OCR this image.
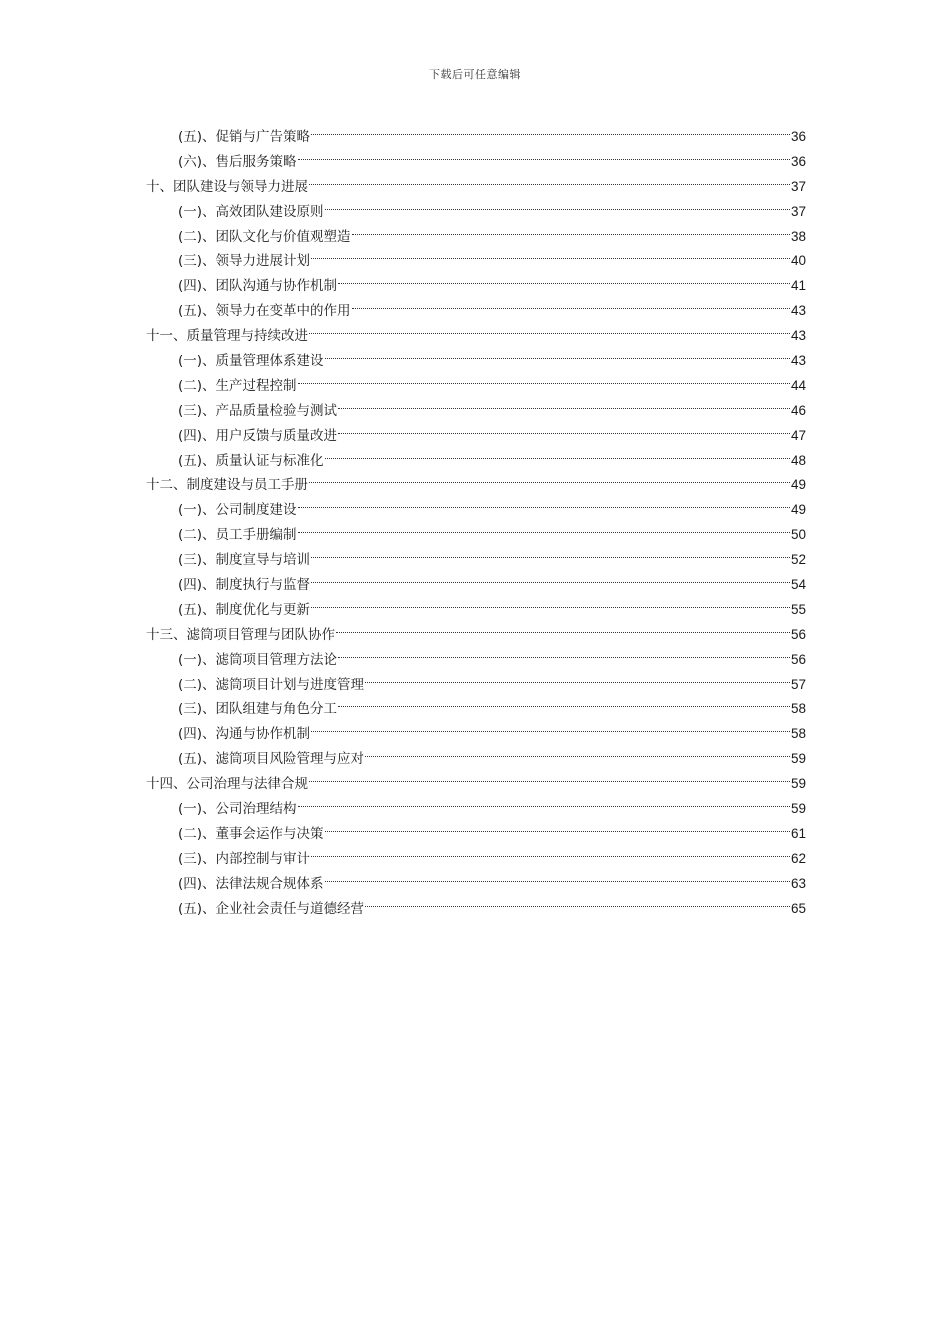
下载后可任意编辑
(五)、促销与广告策略	36
(六)、售后服务策略	36
十、团队建设与领导力进展	37
(一)、高效团队建设原则	37
(二)、团队文化与价值观塑造	38
(三)、领导力进展计划	40
(四)、团队沟通与协作机制	41
(五)、领导力在变革中的作用	43
十一、质量管理与持续改进	43
(一)、质量管理体系建设	43
(二)、生产过程控制	44
(三)、产品质量检验与测试	46
(四)、用户反馈与质量改进	47
(五)、质量认证与标准化	48
十二、制度建设与员工手册	49
(一)、公司制度建设	49
(二)、员工手册编制	50
(三)、制度宣导与培训	52
(四)、制度执行与监督	54
(五)、制度优化与更新	55
十三、滤筒项目管理与团队协作	56
(一)、滤筒项目管理方法论	56
(二)、滤筒项目计划与进度管理	57
(三)、团队组建与角色分工	58
(四)、沟通与协作机制	58
(五)、滤筒项目风险管理与应对	59
十四、公司治理与法律合规	59
(一)、公司治理结构	59
(二)、董事会运作与决策	61
(三)、内部控制与审计	62
(四)、法律法规合规体系	63
(五)、企业社会责任与道德经营	65
